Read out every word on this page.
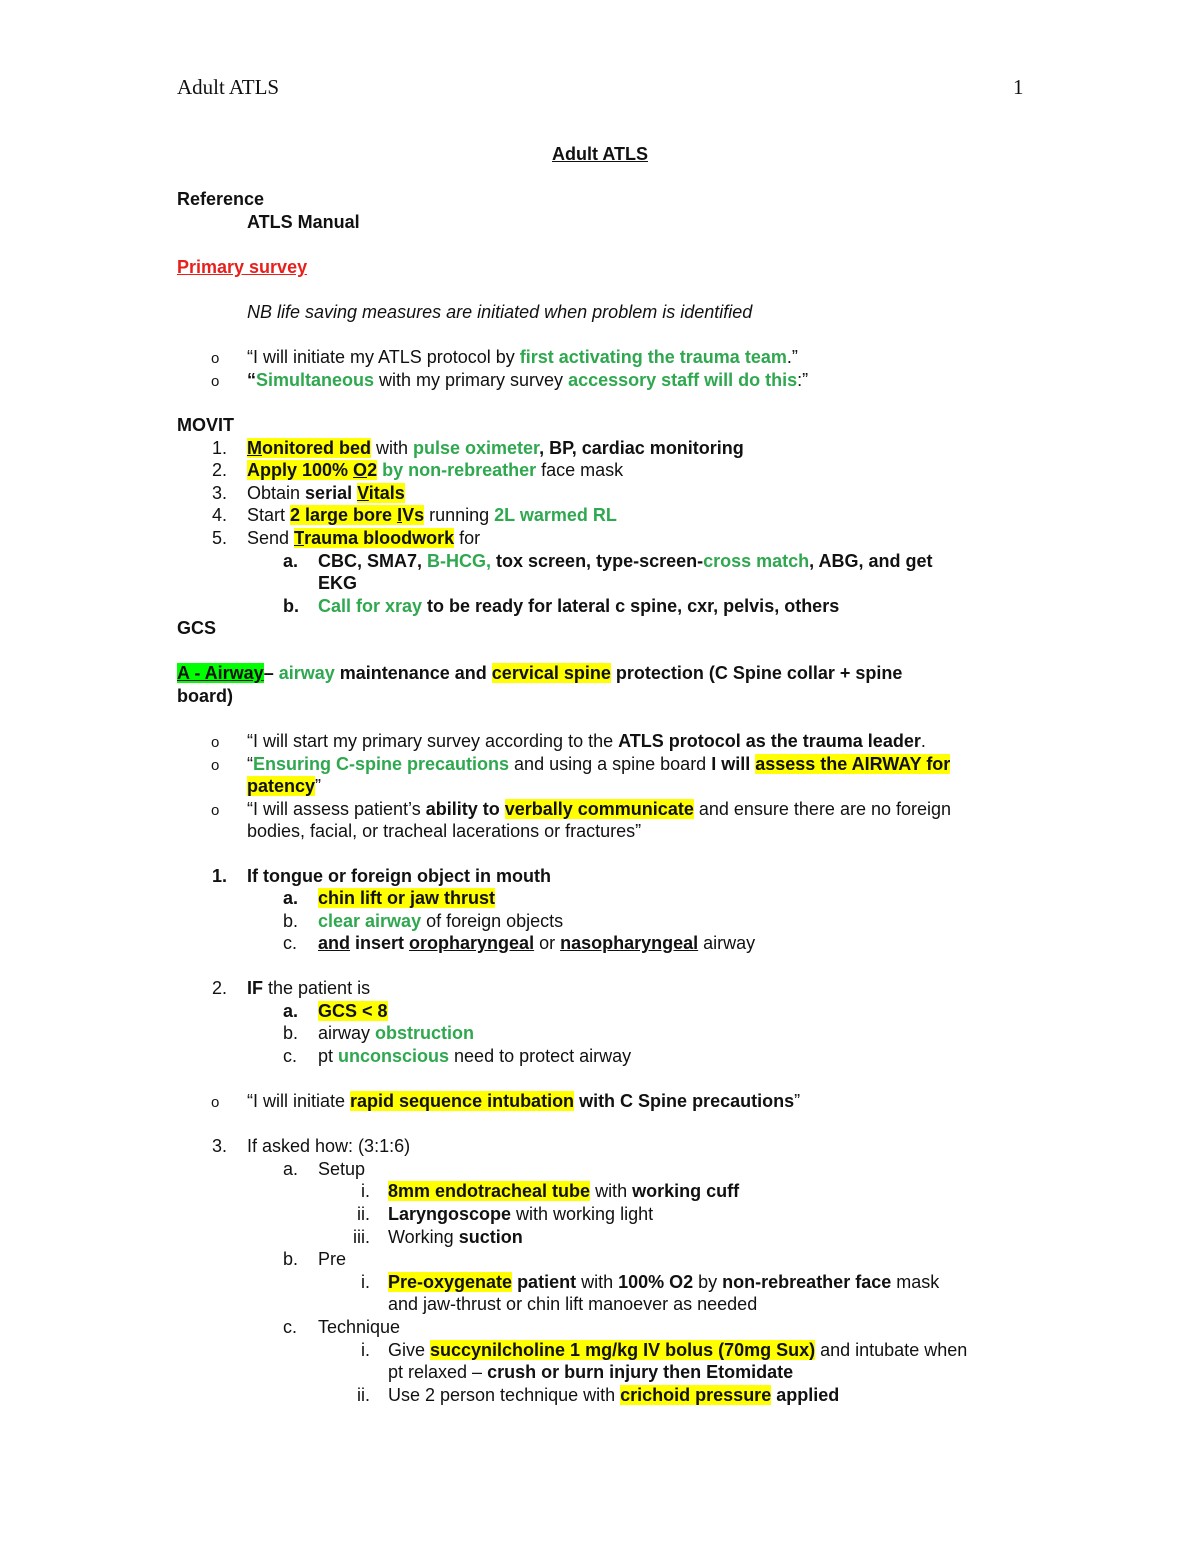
Adult ATLS	1
Adult ATLS
Reference
ATLS Manual
Primary survey
NB life saving measures are initiated when problem is identified
o “I will initiate my ATLS protocol by first activating the trauma team.”
o “Simultaneous with my primary survey accessory staff will do this:”
MOVIT
1. Monitored bed with pulse oximeter, BP, cardiac monitoring
2. Apply 100% O2 by non-rebreather face mask
3. Obtain serial Vitals
4. Start 2 large bore IVs running 2L warmed RL
5. Send Trauma bloodwork for
a. CBC, SMA7, B-HCG, tox screen, type-screen-cross match, ABG, and get
EKG
b. Call for xray to be ready for lateral c spine, cxr, pelvis, others
GCS
A - Airway– airway maintenance and cervical spine protection (C Spine collar + spine
board)
o “I will start my primary survey according to the ATLS protocol as the trauma leader.
o “Ensuring C-spine precautions and using a spine board I will assess the AIRWAY for
patency”
o “I will assess patient’s ability to verbally communicate and ensure there are no foreign
bodies, facial, or tracheal lacerations or fractures”
1. If tongue or foreign object in mouth
a. chin lift or jaw thrust
b. clear airway of foreign objects
c. and insert oropharyngeal or nasopharyngeal airway
2. IF the patient is
a. GCS < 8
b. airway obstruction
c. pt unconscious need to protect airway
o “I will initiate rapid sequence intubation with C Spine precautions”
3. If asked how: (3:1:6)
a. Setup
i. 8mm endotracheal tube with working cuff
ii. Laryngoscope with working light
iii. Working suction
b. Pre
i. Pre-oxygenate patient with 100% O2 by non-rebreather face mask
and jaw-thrust or chin lift manoever as needed
c. Technique
i. Give succynilcholine 1 mg/kg IV bolus (70mg Sux) and intubate when
pt relaxed – crush or burn injury then Etomidate
ii. Use 2 person technique with crichoid pressure applied
